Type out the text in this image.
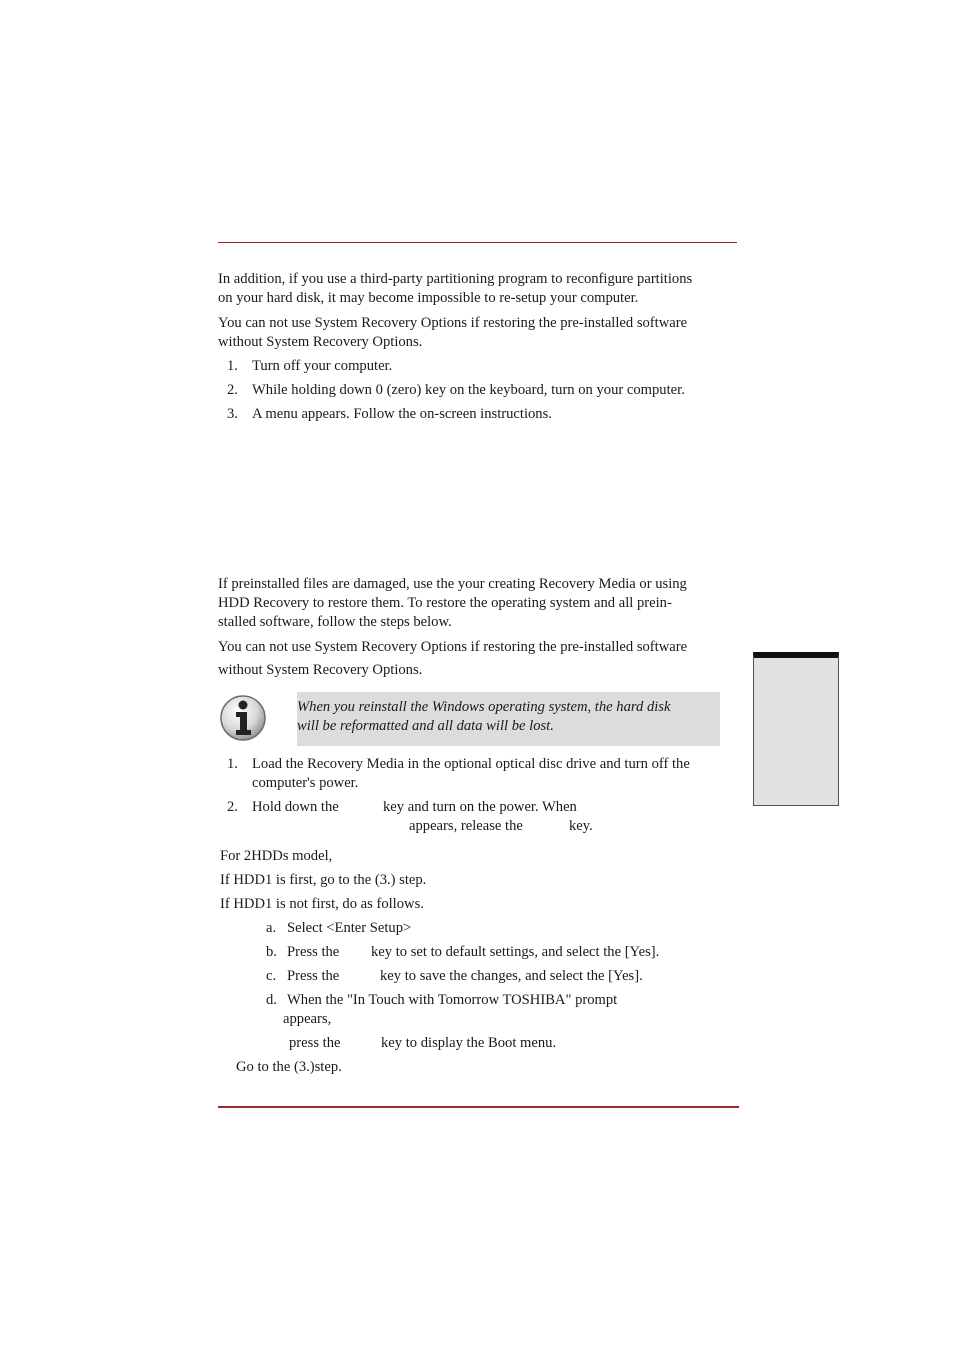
In addition, if you use a third-party partitioning program to reconfigure partitions
on your hard disk, it may become impossible to re-setup your computer.
You can not use System Recovery Options if restoring the pre-installed software
without System Recovery Options.
1. Turn off your computer.
2. While holding down 0 (zero) key on the keyboard, turn on your computer.
3. A menu appears. Follow the on-screen instructions.
If preinstalled files are damaged, use the your creating Recovery Media or using
HDD Recovery to restore them. To restore the operating system and all prein-
stalled software, follow the steps below.
You can not use System Recovery Options if restoring the pre-installed software
without System Recovery Options.
When you reinstall the Windows operating system, the hard disk
will be reformatted and all data will be lost.
1. Load the Recovery Media in the optional optical disc drive and turn off the
computer's power.
2. Hold down the	key and turn on the power. When
appears, release the	key.
For 2HDDs model,
If HDD1 is first, go to the (3.) step.
If HDD1 is not first, do as follows.
a. Select <Enter Setup>
b. Press the key to set to default settings, and select the [Yes].
c. Press the	key to save the changes, and select the [Yes].
d. When the "In Touch with Tomorrow TOSHIBA" prompt
appears,
press the	key to display the Boot menu.
Go to the (3.)step.
